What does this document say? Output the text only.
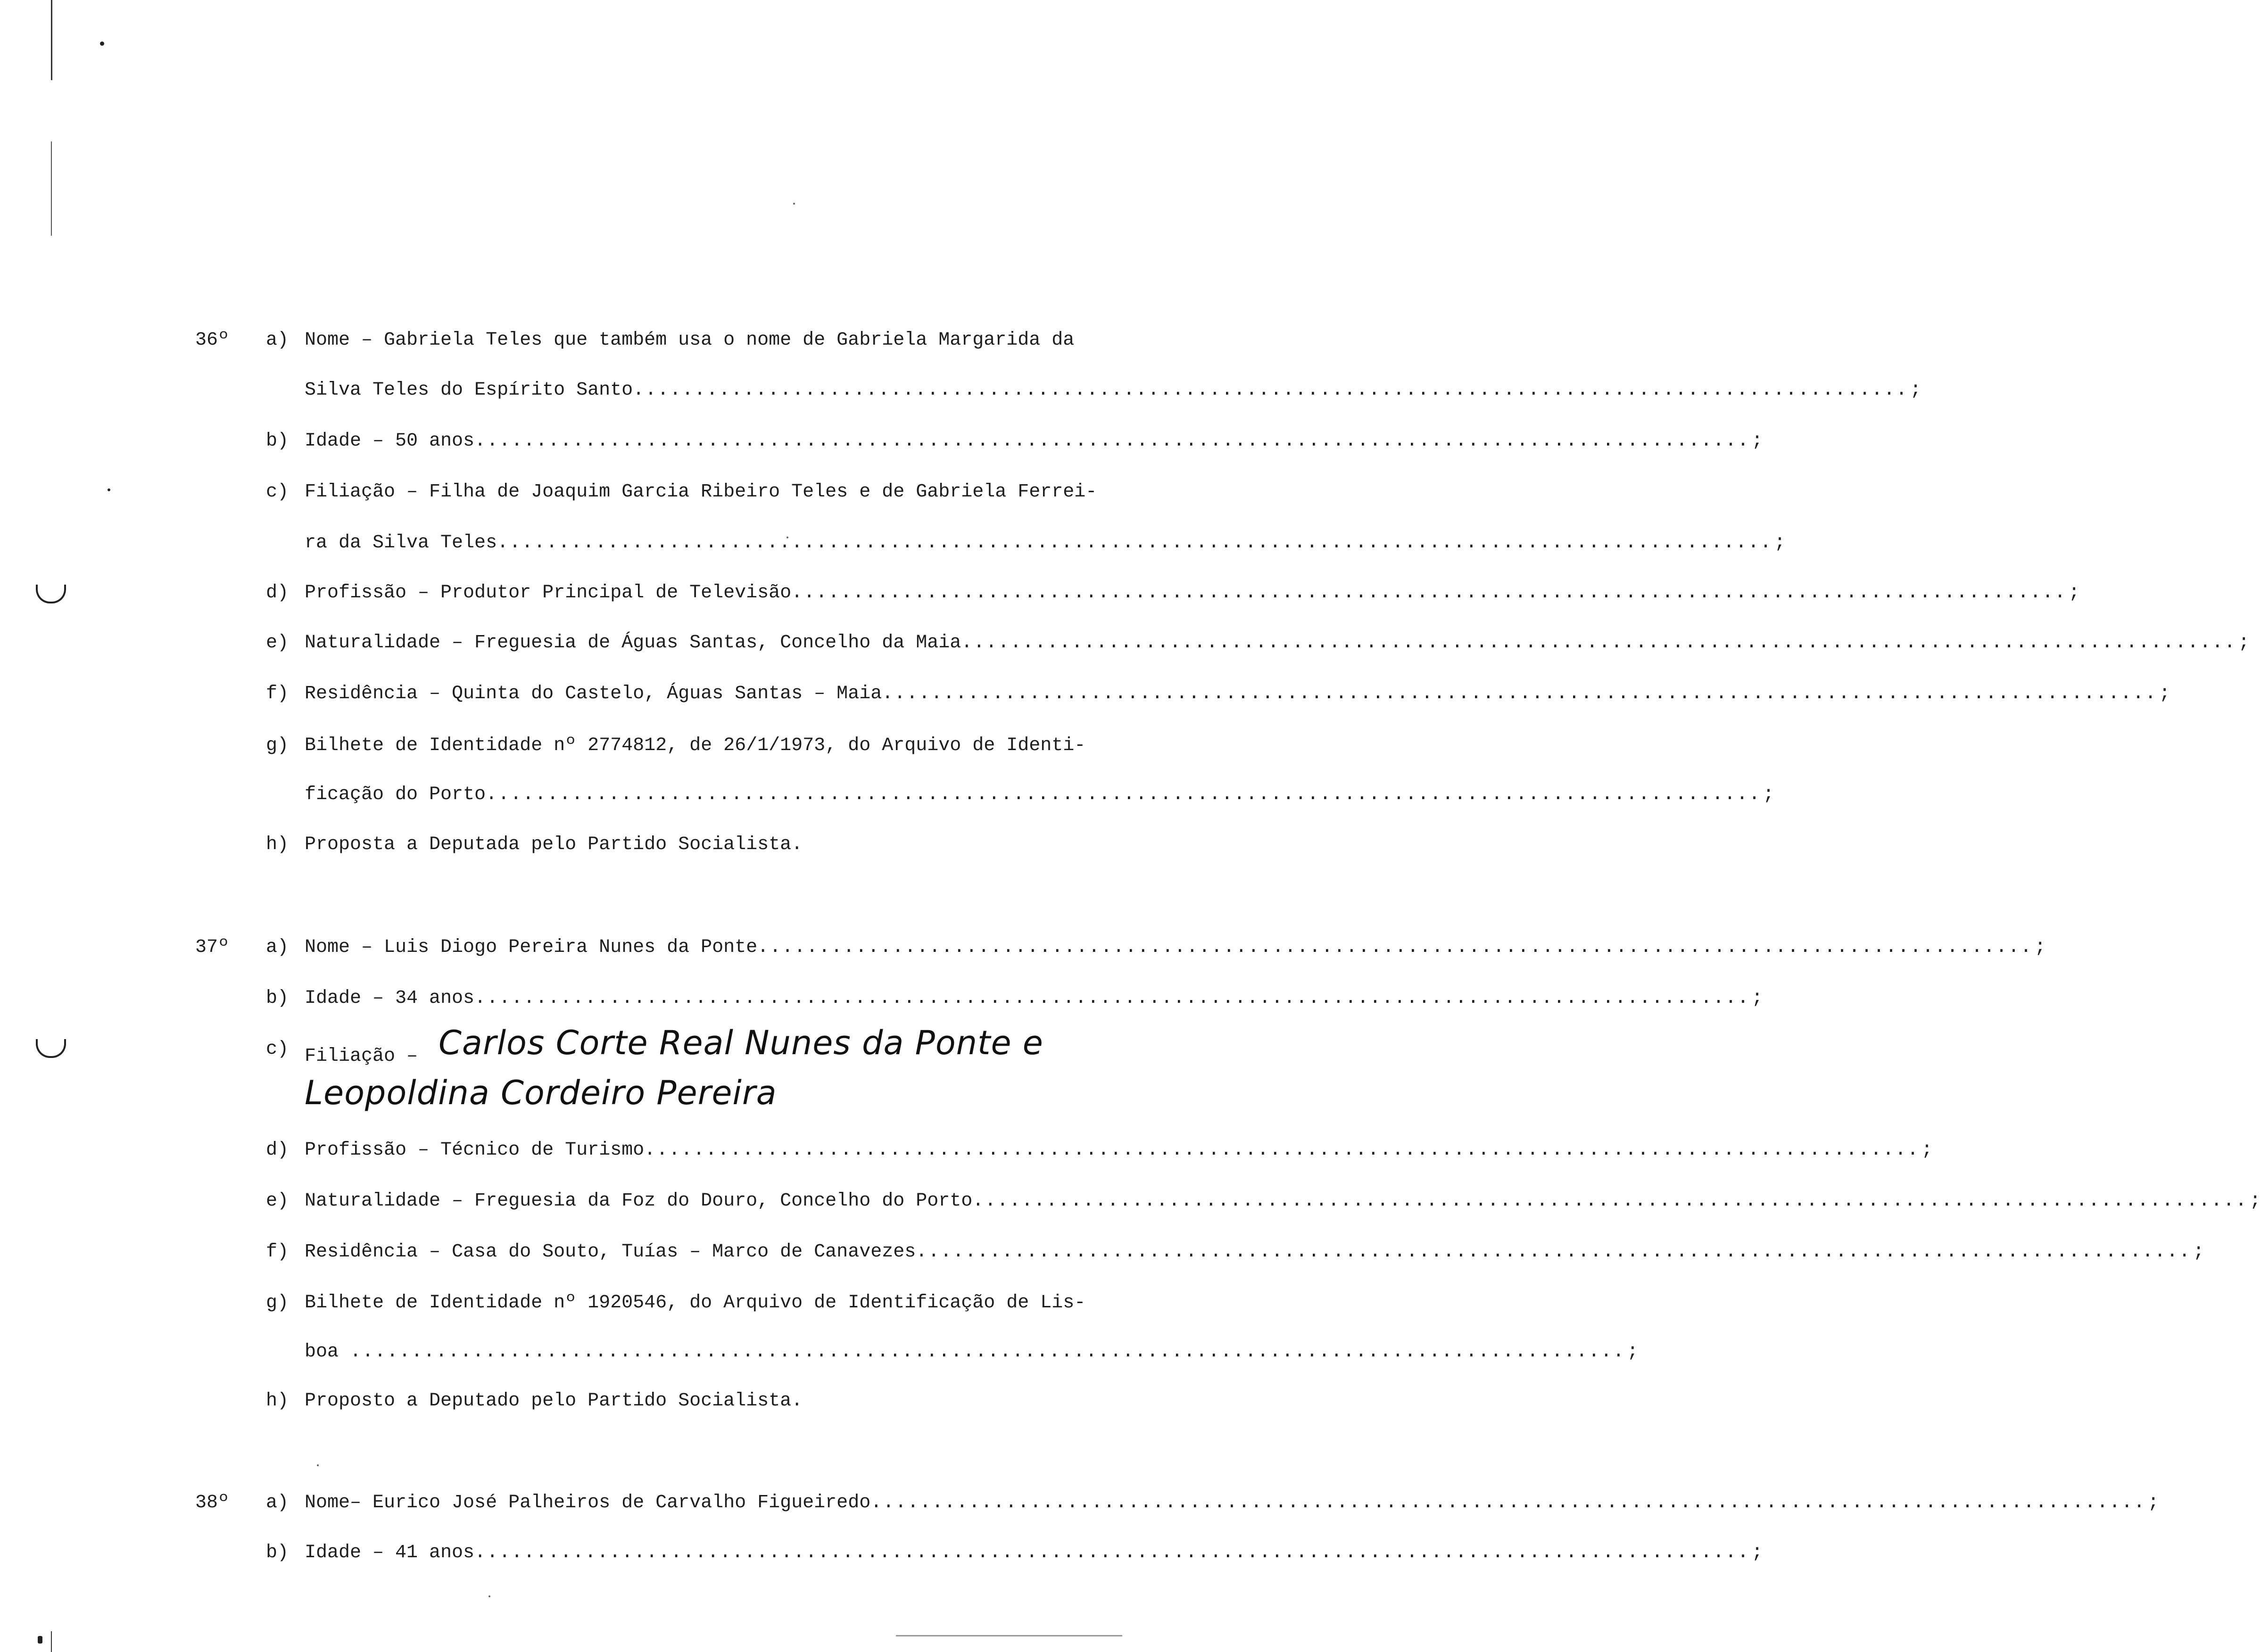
36º	a) Nome – Gabriela Teles que também usa o nome de Gabriela Margarida da
Silva Teles do Espírito Santo ........................................................................................................ ;
b) Idade – 50 anos ........................................................................................................ ;
c) Filiação – Filha de Joaquim Garcia Ribeiro Teles e de Gabriela Ferrei-
ra da Silva Teles ........................................................................................................ ;
d) Profissão – Produtor Principal de Televisão ........................................................................................................ ;
e) Naturalidade – Freguesia de Águas Santas, Concelho da Maia ........................................................................................................ ;
f) Residência – Quinta do Castelo, Águas Santas – Maia ........................................................................................................ ;
g) Bilhete de Identidade nº 2774812, de 26/1/1973, do Arquivo de Identi-
ficação do Porto ........................................................................................................ ;
h) Proposta a Deputada pelo Partido Socialista.
37º	a) Nome – Luis Diogo Pereira Nunes da Ponte ........................................................................................................ ;
b) Idade – 34 anos ........................................................................................................ ;
c) Filiação – Carlos Corte Real Nunes da Ponte e
Leopoldina Cordeiro Pereira
d) Profissão – Técnico de Turismo ........................................................................................................ ;
e) Naturalidade – Freguesia da Foz do Douro, Concelho do Porto ........................................................................................................ ;
f) Residência – Casa do Souto, Tuías – Marco de Canavezes ........................................................................................................ ;
g) Bilhete de Identidade nº 1920546, do Arquivo de Identificação de Lis-
boa ........................................................................................................ ;
h) Proposto a Deputado pelo Partido Socialista.
38º	a) Nome– Eurico José Palheiros de Carvalho Figueiredo ........................................................................................................ ;
b) Idade – 41 anos ........................................................................................................ ;
